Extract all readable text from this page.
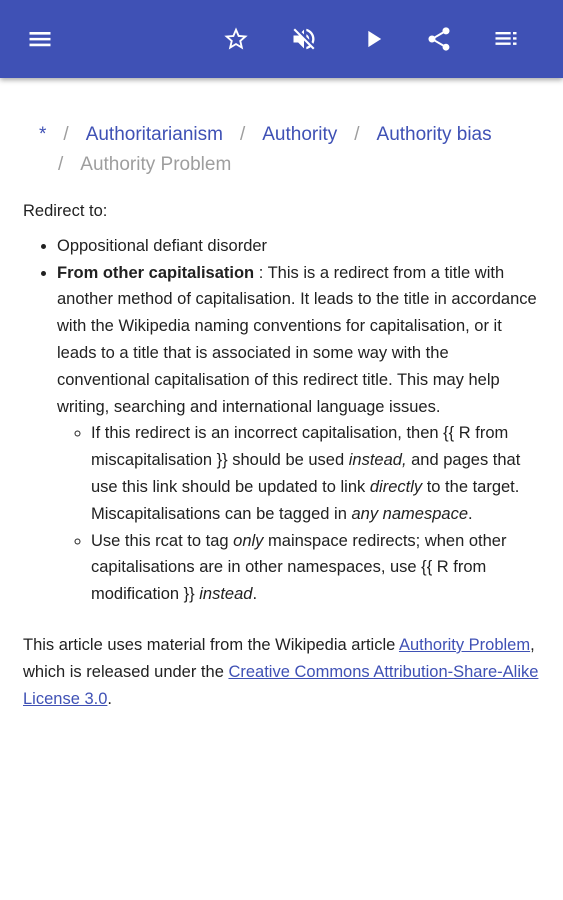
* / Authoritarianism / Authority / Authority bias
/ Authority Problem
Redirect to:
• Oppositional defiant disorder
• From other capitalisation : This is a redirect from a title with another method of capitalisation. It leads to the title in accordance with the Wikipedia naming conventions for capitalisation, or it leads to a title that is associated in some way with the conventional capitalisation of this redirect title. This may help writing, searching and international language issues.
◦ If this redirect is an incorrect capitalisation, then {{ R from miscapitalisation }} should be used instead, and pages that use this link should be updated to link directly to the target. Miscapitalisations can be tagged in any namespace.
◦ Use this rcat to tag only mainspace redirects; when other capitalisations are in other namespaces, use {{ R from modification }} instead.
This article uses material from the Wikipedia article Authority Problem, which is released under the Creative Commons Attribution-Share-Alike License 3.0.
